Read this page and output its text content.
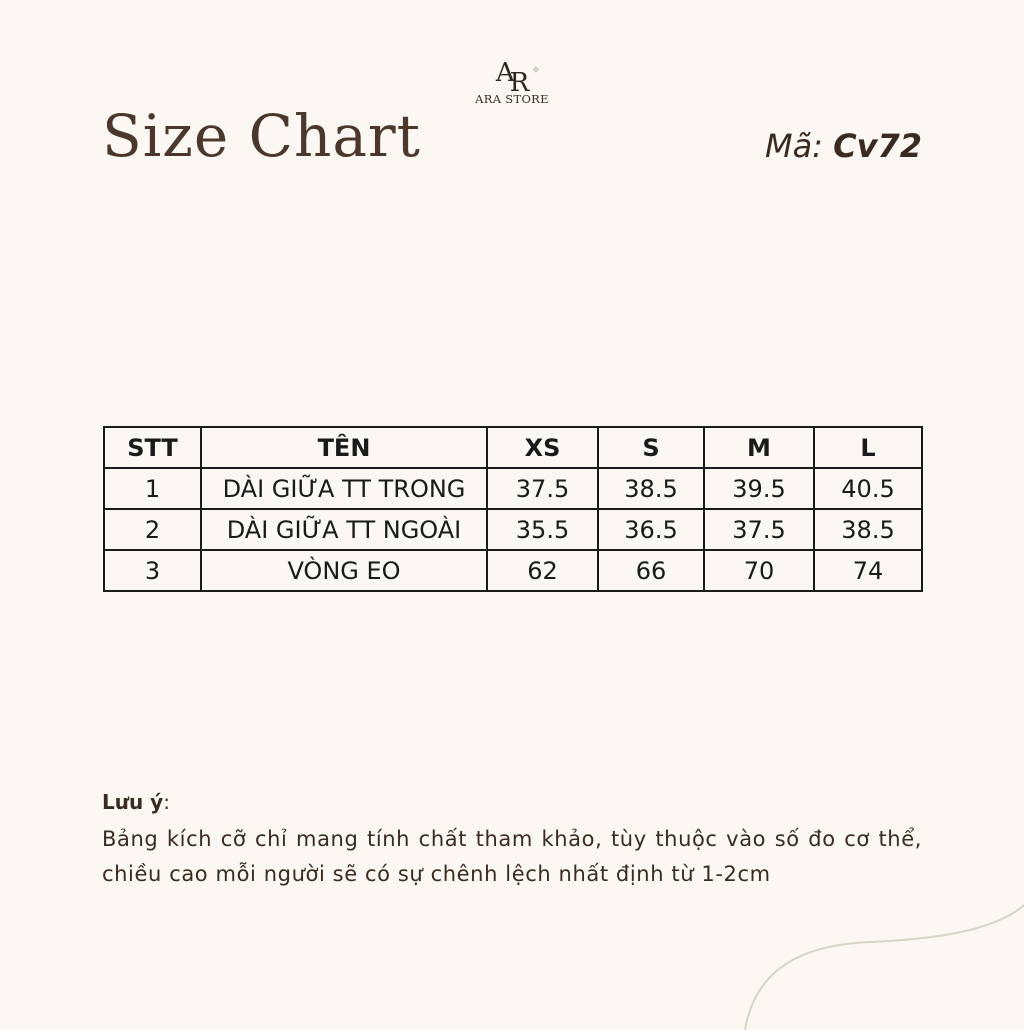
AR ✧
ARA STORE
Size Chart	Mã: Cv72
STT	TÊN	XS	S	M	L
1	DÀI GIỮA TT TRONG	37.5	38.5	39.5	40.5
2	DÀI GIỮA TT NGOÀI	35.5	36.5	37.5	38.5
3	VÒNG EO	62	66	70	74
Lưu ý:
Bảng kích cỡ chỉ mang tính chất tham khảo, tùy thuộc vào số đo cơ thể, chiều cao mỗi người sẽ có sự chênh lệch nhất định từ 1-2cm
